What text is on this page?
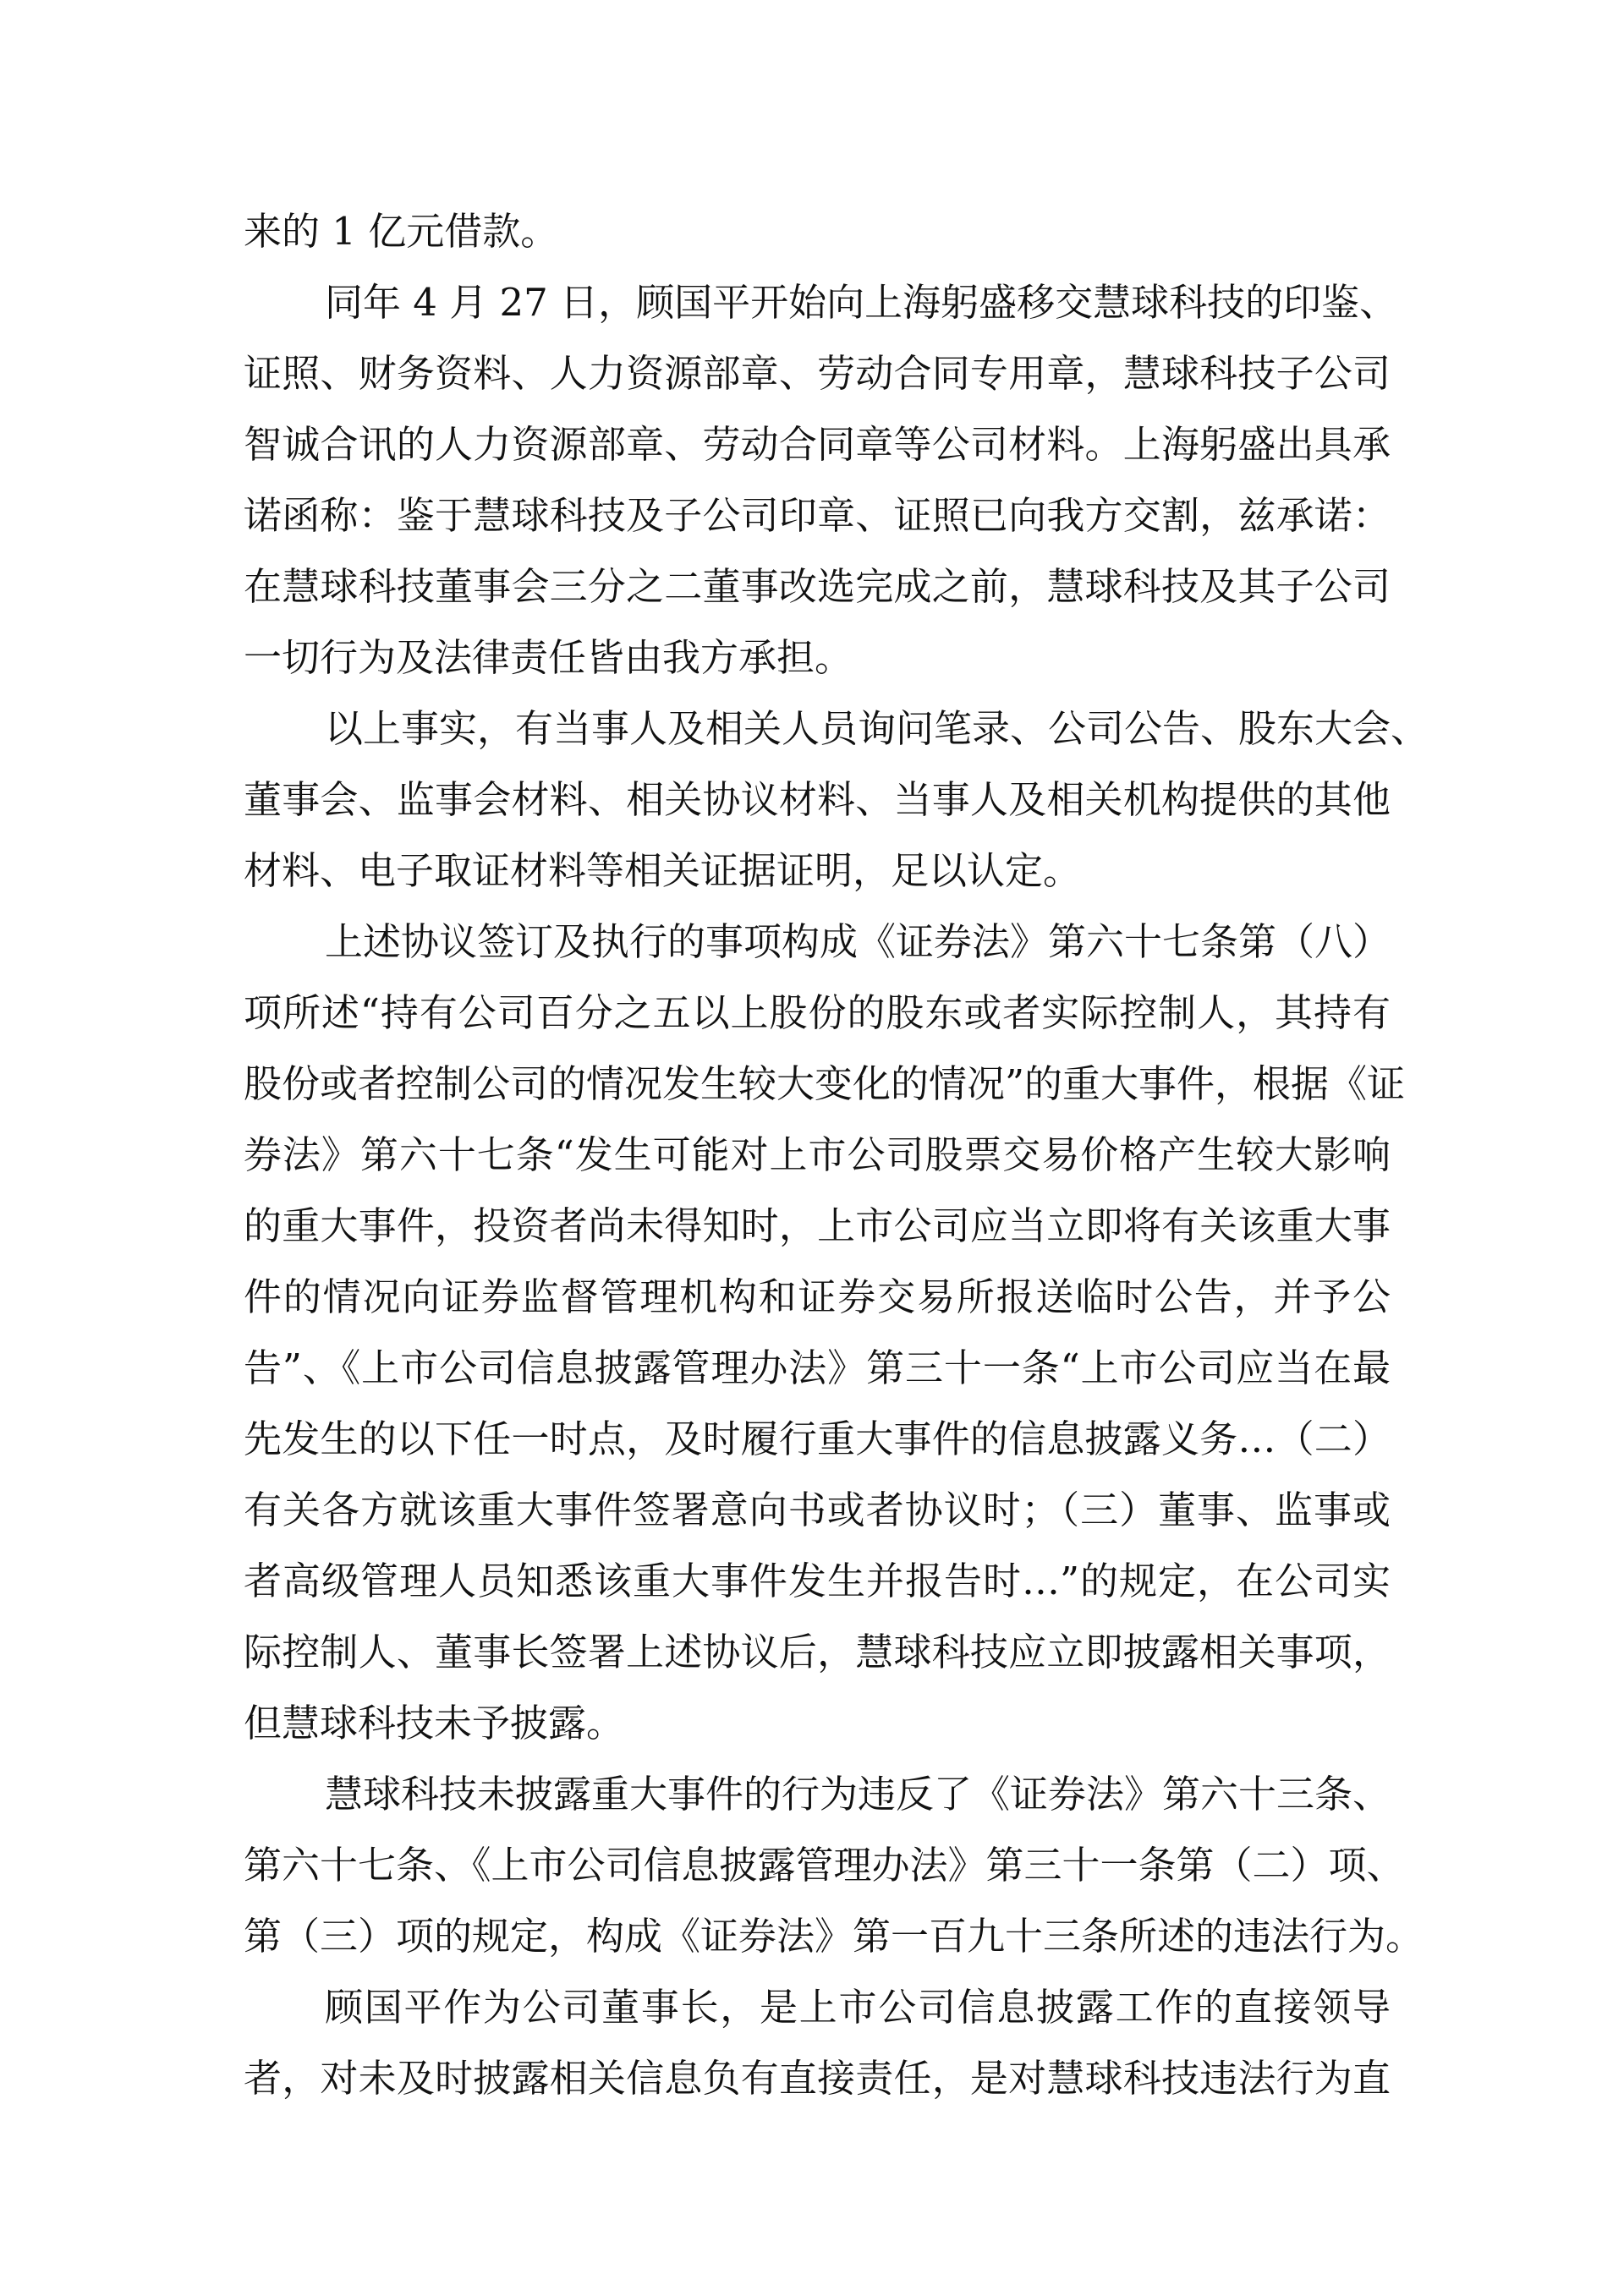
来的 1 亿元借款。
同年 4 月 27 日，顾国平开始向上海躬盛移交慧球科技的印鉴、
证照、财务资料、人力资源部章、劳动合同专用章，慧球科技子公司
智诚合讯的人力资源部章、劳动合同章等公司材料。上海躬盛出具承
诺函称：鉴于慧球科技及子公司印章、证照已向我方交割，兹承诺：
在慧球科技董事会三分之二董事改选完成之前，慧球科技及其子公司
一切行为及法律责任皆由我方承担。
以上事实，有当事人及相关人员询问笔录、公司公告、股东大会、
董事会、监事会材料、相关协议材料、当事人及相关机构提供的其他
材料、电子取证材料等相关证据证明，足以认定。
上述协议签订及执行的事项构成《证券法》第六十七条第（八）
项所述“持有公司百分之五以上股份的股东或者实际控制人，其持有
股份或者控制公司的情况发生较大变化的情况”的重大事件，根据《证
券法》第六十七条“发生可能对上市公司股票交易价格产生较大影响
的重大事件，投资者尚未得知时，上市公司应当立即将有关该重大事
件的情况向证券监督管理机构和证券交易所报送临时公告，并予公
告”、《上市公司信息披露管理办法》第三十一条“上市公司应当在最
先发生的以下任一时点，及时履行重大事件的信息披露义务…（二）
有关各方就该重大事件签署意向书或者协议时；（三）董事、监事或
者高级管理人员知悉该重大事件发生并报告时…”的规定，在公司实
际控制人、董事长签署上述协议后，慧球科技应立即披露相关事项，
但慧球科技未予披露。
慧球科技未披露重大事件的行为违反了《证券法》第六十三条、
第六十七条、《上市公司信息披露管理办法》第三十一条第（二）项、
第（三）项的规定，构成《证券法》第一百九十三条所述的违法行为。
顾国平作为公司董事长，是上市公司信息披露工作的直接领导
者，对未及时披露相关信息负有直接责任，是对慧球科技违法行为直
